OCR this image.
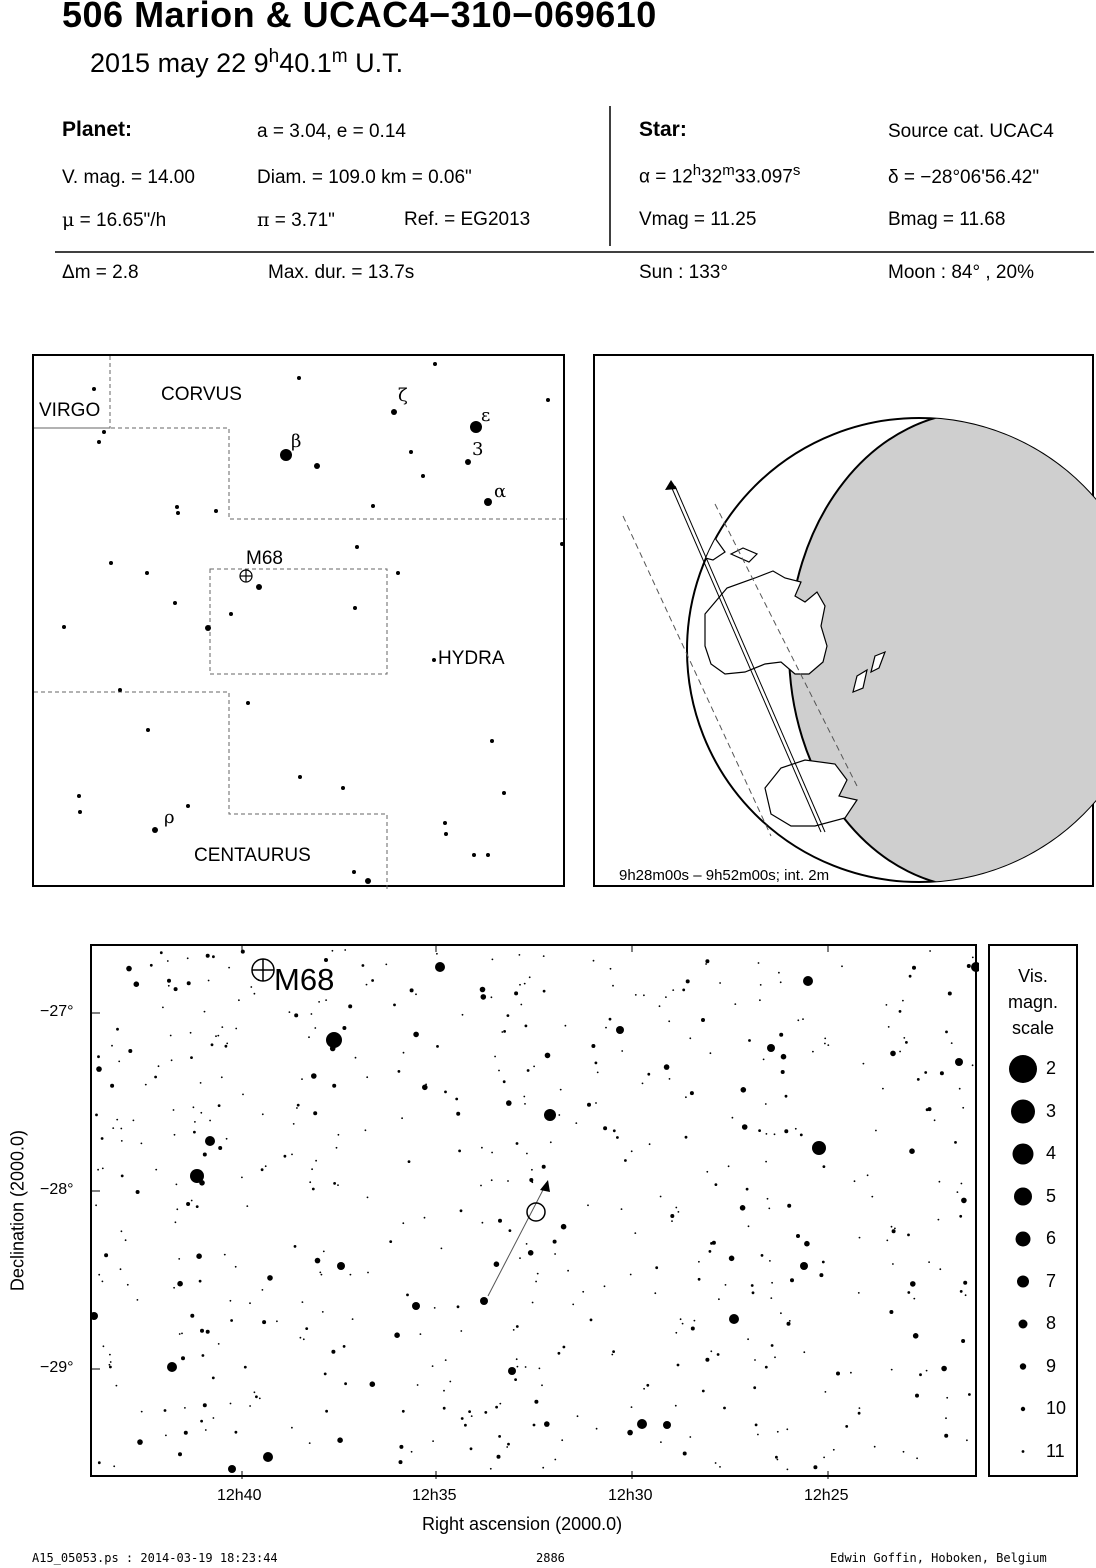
506 Marion & UCAC4−310−069610
2015 may 22 9$^h$40.1$^m$ U.T.
Planet:	a = 3.04, e = 0.14
V. mag. = 14.00	Diam. = 109.0 km = 0.06"
μ = 16.65"/h	π = 3.71"	Ref. = EG2013
Δm = 2.8	Max. dur. = 13.7s
Star:	Source cat. UCAC4
$\alpha = 12^h32^m33.097^s$	δ = −28°06'56.42"
Vmag = 11.25	Bmag = 11.68
Sun : 133°	Moon : 84° , 20%
VIRGO
CORVUS
HYDRA
CENTAURUS
M68
β
ζ
ε
3
α
ρ
9h28m00s – 9h52m00s; int. 2m
M68
−27°
−28°
−29°
12h40	12h35	12h30	12h25
Right ascension (2000.0)
Declination (2000.0)
Vis.
magn.
scale
2
3
4
5
6
7
8
9
10
11
A15_05053.ps : 2014-03-19 18:23:44	2886	Edwin Goffin, Hoboken, Belgium
